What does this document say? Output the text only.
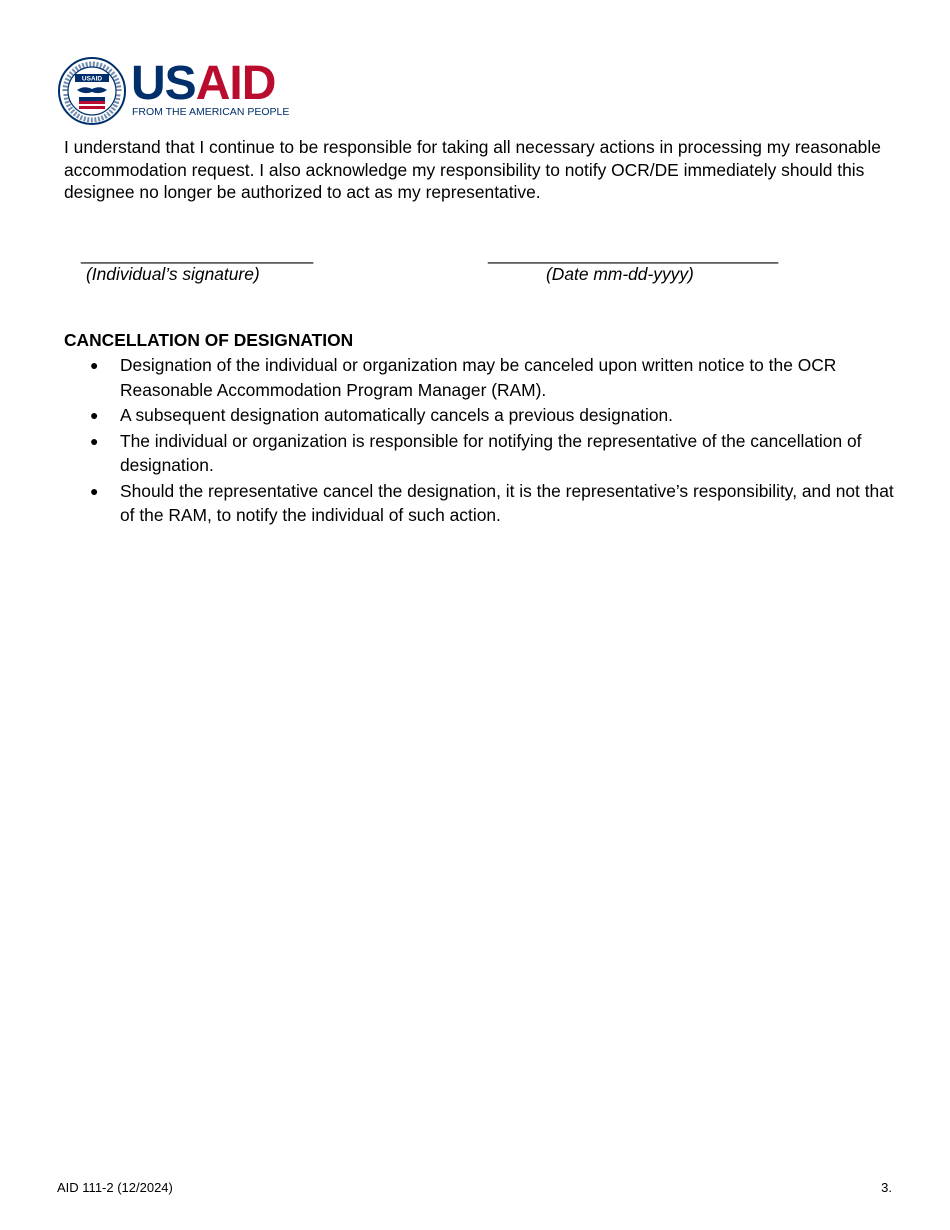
USAID USAID
FROM THE AMERICAN PEOPLE

I understand that I continue to be responsible for taking all necessary actions in processing my reasonable accommodation request. I also acknowledge my responsibility to notify OCR/DE immediately should this designee no longer be authorized to act as my representative.

________________________
(Individual’s signature)
______________________________
(Date mm-dd-yyyy)
CANCELLATION OF DESIGNATION
● Designation of the individual or organization may be canceled upon written notice to the OCR Reasonable Accommodation Program Manager (RAM).
● A subsequent designation automatically cancels a previous designation.
● The individual or organization is responsible for notifying the representative of the cancellation of designation.
● Should the representative cancel the designation, it is the representative’s responsibility, and not that of the RAM, to notify the individual of such action.
AID 111-2 (12/2024)	3.
